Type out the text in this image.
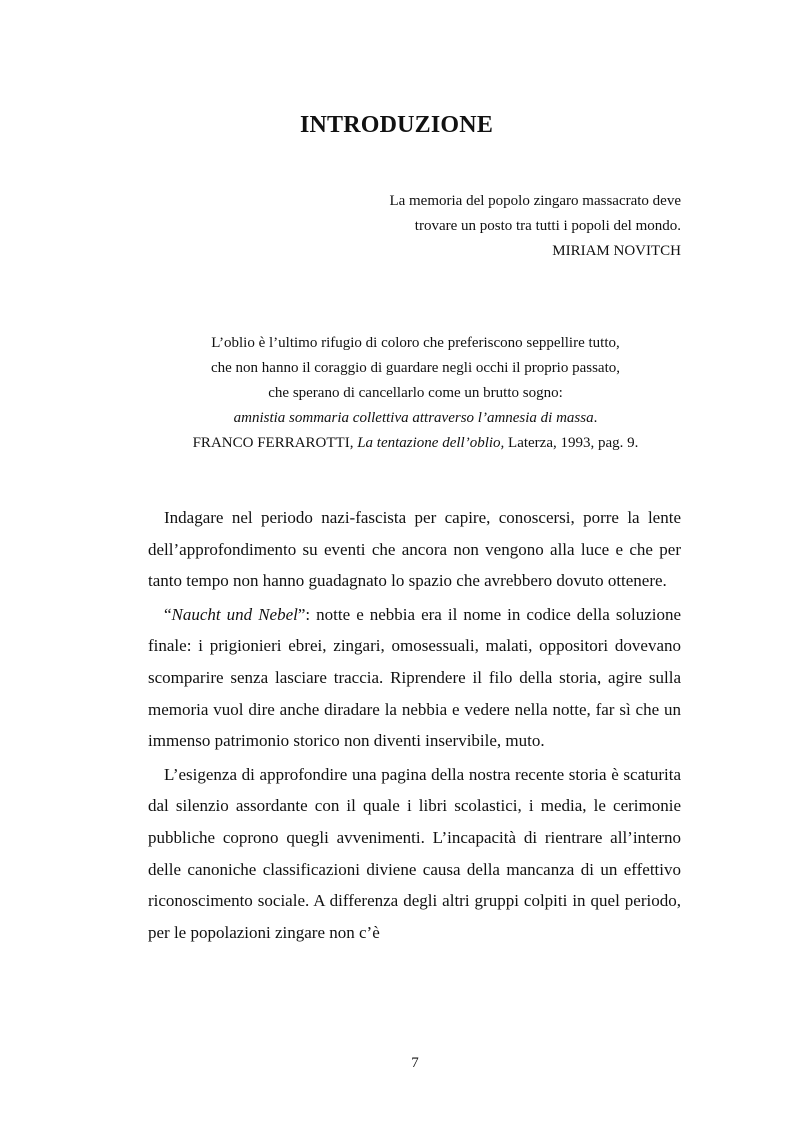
INTRODUZIONE
La memoria del popolo zingaro massacrato deve
trovare un posto tra tutti i popoli del mondo.
MIRIAM NOVITCH
L’oblio è l’ultimo rifugio di coloro che preferiscono seppellire tutto,
che non hanno il coraggio di guardare negli occhi il proprio passato,
che sperano di cancellarlo come un brutto sogno:
amnistia sommaria collettiva attraverso l’amnesia di massa.
FRANCO FERRAROTTI, La tentazione dell’oblio, Laterza, 1993, pag. 9.

Indagare nel periodo nazi-fascista per capire, conoscersi, porre la lente dell’approfondimento su eventi che ancora non vengono alla luce e che per tanto tempo non hanno guadagnato lo spazio che avrebbero dovuto ottenere.

“Naucht und Nebel”: notte e nebbia era il nome in codice della soluzione finale: i prigionieri ebrei, zingari, omosessuali, malati, oppositori dovevano scomparire senza lasciare traccia. Riprendere il filo della storia, agire sulla memoria vuol dire anche diradare la nebbia e vedere nella notte, far sì che un immenso patrimonio storico non diventi inservibile, muto.

L’esigenza di approfondire una pagina della nostra recente storia è scaturita dal silenzio assordante con il quale i libri scolastici, i media, le cerimonie pubbliche coprono quegli avvenimenti. L’incapacità di rientrare all’interno delle canoniche classificazioni diviene causa della mancanza di un effettivo riconoscimento sociale. A differenza degli altri gruppi colpiti in quel periodo, per le popolazioni zingare non c’è

7
